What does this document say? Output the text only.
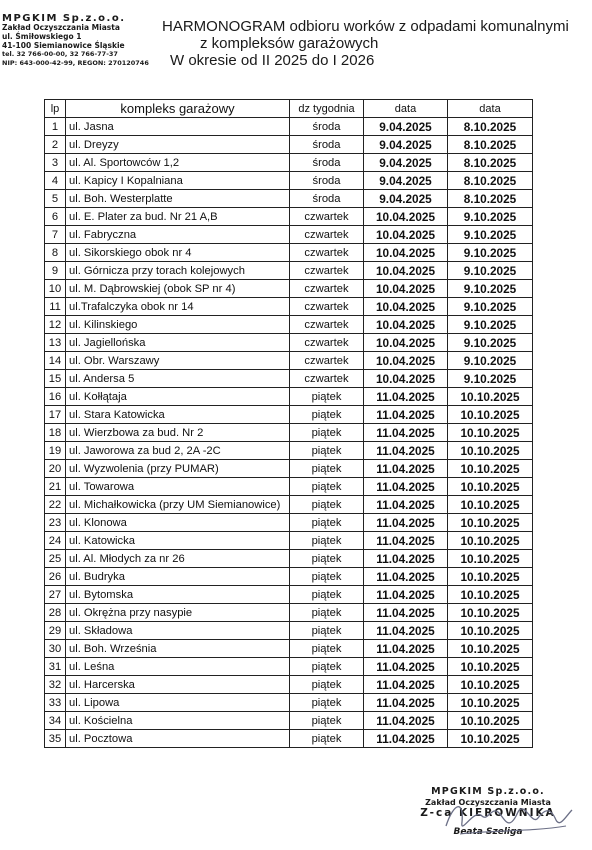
MPGKIM Sp.z.o.o.
Zakład Oczyszczania Miasta
ul. Śmiłowskiego 1
41-100 Siemianowice Śląskie
tel. 32 766-00-00, 32 766-77-37
NIP: 643-000-42-99, REGON: 270120746
HARMONOGRAM odbioru worków z odpadami komunalnymi
z kompleksów garażowych
W okresie od II 2025 do I 2026
lp	kompleks garażowy	dz tygodnia	data	data
1	ul. Jasna	środa	9.04.2025	8.10.2025
2	ul. Dreyzy	środa	9.04.2025	8.10.2025
3	ul. Al. Sportowców 1,2	środa	9.04.2025	8.10.2025
4	ul. Kapicy I Kopalniana	środa	9.04.2025	8.10.2025
5	ul. Boh. Westerplatte	środa	9.04.2025	8.10.2025
6	ul. E. Plater za bud. Nr 21 A,B	czwartek	10.04.2025	9.10.2025
7	ul. Fabryczna	czwartek	10.04.2025	9.10.2025
8	ul. Sikorskiego obok nr 4	czwartek	10.04.2025	9.10.2025
9	ul. Górnicza przy torach kolejowych	czwartek	10.04.2025	9.10.2025
10	ul. M. Dąbrowskiej (obok SP nr 4)	czwartek	10.04.2025	9.10.2025
11	ul.Trafalczyka obok nr 14	czwartek	10.04.2025	9.10.2025
12	ul. Kilinskiego	czwartek	10.04.2025	9.10.2025
13	ul. Jagiellońska	czwartek	10.04.2025	9.10.2025
14	ul. Obr. Warszawy	czwartek	10.04.2025	9.10.2025
15	ul. Andersa 5	czwartek	10.04.2025	9.10.2025
16	ul. Kołłątaja	piątek	11.04.2025	10.10.2025
17	ul. Stara Katowicka	piątek	11.04.2025	10.10.2025
18	ul. Wierzbowa za bud. Nr 2	piątek	11.04.2025	10.10.2025
19	ul. Jaworowa za bud 2, 2A -2C	piątek	11.04.2025	10.10.2025
20	ul. Wyzwolenia (przy PUMAR)	piątek	11.04.2025	10.10.2025
21	ul. Towarowa	piątek	11.04.2025	10.10.2025
22	ul. Michałkowicka (przy UM Siemianowice)	piątek	11.04.2025	10.10.2025
23	ul. Klonowa	piątek	11.04.2025	10.10.2025
24	ul. Katowicka	piątek	11.04.2025	10.10.2025
25	ul. Al. Młodych za nr 26	piątek	11.04.2025	10.10.2025
26	ul. Budryka	piątek	11.04.2025	10.10.2025
27	ul. Bytomska	piątek	11.04.2025	10.10.2025
28	ul. Okrężna przy nasypie	piątek	11.04.2025	10.10.2025
29	ul. Składowa	piątek	11.04.2025	10.10.2025
30	ul. Boh. Września	piątek	11.04.2025	10.10.2025
31	ul. Leśna	piątek	11.04.2025	10.10.2025
32	ul. Harcerska	piątek	11.04.2025	10.10.2025
33	ul. Lipowa	piątek	11.04.2025	10.10.2025
34	ul. Kościelna	piątek	11.04.2025	10.10.2025
35	ul. Pocztowa	piątek	11.04.2025	10.10.2025
MPGKIM Sp.z.o.o.
Zakład Oczyszczania Miasta
Z-ca KIEROWNIKA
Beata Szeliga
